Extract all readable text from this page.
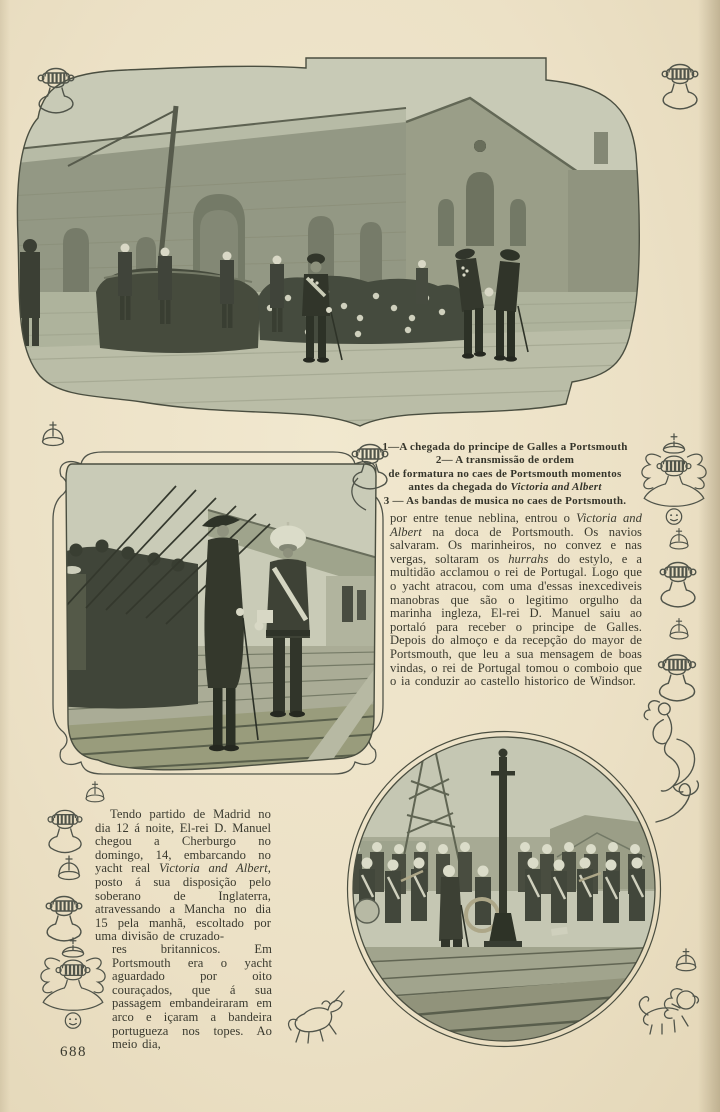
1—A chegada do principe de Galles a Portsmouth
2— A transmissão de ordem
de formatura no caes de Portsmouth momentos
antes da chegada do Victoria and Albert
3 — As bandas de musica no caes de Portsmouth.
por entre tenue neblina, entrou o Victoria and Albert na doca de Portsmouth. Os navios salvaram. Os marinheiros, no convez e nas vergas, soltaram os hurrahs do estylo, e a multidão acclamou o rei de Portugal. Logo que o yacht atracou, com uma d'essas inexcediveis manobras que são o legitimo orgulho da marinha ingleza, El-rei D. Manuel saiu ao portaló para receber o principe de Galles. Depois do almoço e da recepção do mayor de Portsmouth, que leu a sua mensagem de boas vindas, o rei de Portugal tomou o comboio que o ia conduzir ao castello historico de Windsor.
Tendo partido de Madrid no dia 12 á noite, El-rei D. Manuel chegou a Cherburgo no domingo, 14, embarcando no yacht real Victoria and Albert, posto á sua disposição pelo soberano de Inglaterra, atravessando a Mancha no dia 15 pela manhã, escoltado por uma divisão de cruzado-
res britannicos. Em Portsmouth era o yacht aguardado por oito couraçados, que á sua passagem embandeiraram em arco e içaram a bandeira portugueza nos topes. Ao meio dia,
688
